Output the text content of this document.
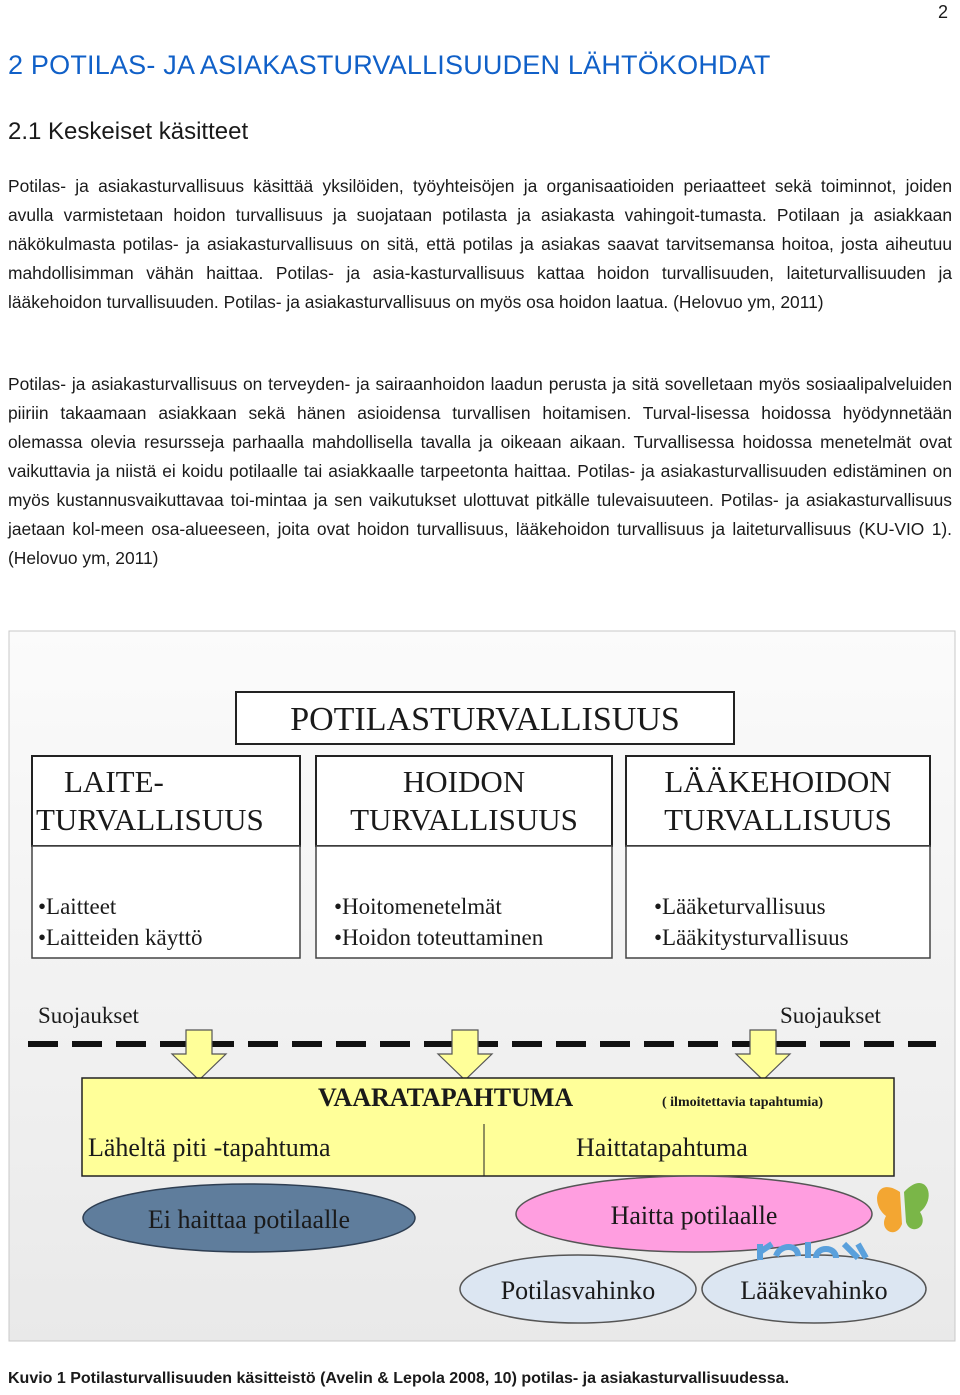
2
2 POTILAS- JA ASIAKASTURVALLISUUDEN LÄHTÖKOHDAT
2.1 Keskeiset käsitteet

Potilas- ja asiakasturvallisuus käsittää yksilöiden, työyhteisöjen ja organisaatioiden periaatteet sekä toiminnot, joiden avulla varmistetaan hoidon turvallisuus ja suojataan potilasta ja asiakasta vahingoit-tumasta. Potilaan ja asiakkaan näkökulmasta potilas- ja asiakasturvallisuus on sitä, että potilas ja asiakas saavat tarvitsemansa hoitoa, josta aiheutuu mahdollisimman vähän haittaa. Potilas- ja asia-kasturvallisuus kattaa hoidon turvallisuuden, laiteturvallisuuden ja lääkehoidon turvallisuuden. Potilas- ja asiakasturvallisuus on myös osa hoidon laatua. (Helovuo ym, 2011)

Potilas- ja asiakasturvallisuus on terveyden- ja sairaanhoidon laadun perusta ja sitä sovelletaan myös sosiaalipalveluiden piiriin takaamaan asiakkaan sekä hänen asioidensa turvallisen hoitamisen. Turval-lisessa hoidossa hyödynnetään olemassa olevia resursseja parhaalla mahdollisella tavalla ja oikeaan aikaan. Turvallisessa hoidossa menetelmät ovat vaikuttavia ja niistä ei koidu potilaalle tai asiakkaalle tarpeetonta haittaa. Potilas- ja asiakasturvallisuuden edistäminen on myös kustannusvaikuttavaa toi-mintaa ja sen vaikutukset ulottuvat pitkälle tulevaisuuteen. Potilas- ja asiakasturvallisuus jaetaan kol-meen osa-alueeseen, joita ovat hoidon turvallisuus, lääkehoidon turvallisuus ja laiteturvallisuus (KU-VIO 1). (Helovuo ym, 2011)

POTILASTURVALLISUUS
LAITE-
TURVALLISUUS
HOIDON
TURVALLISUUS
LÄÄKEHOIDON
TURVALLISUUS
•Laitteet
•Laitteiden käyttö
•Hoitomenetelmät
•Hoidon toteuttaminen
•Lääketurvallisuus
•Lääkitysturvallisuus
Suojaukset	Suojaukset
VAARATAPAHTUMA	( ilmoitettavia tapahtumia)
Läheltä piti -tapahtuma	Haittatapahtuma
Ei haittaa potilaalle	Haitta potilaalle
Potilasvahinko	Lääkevahinko
Kuvio 1 Potilasturvallisuuden käsitteistö (Avelin & Lepola 2008, 10) potilas- ja asiakasturvallisuudessa.
